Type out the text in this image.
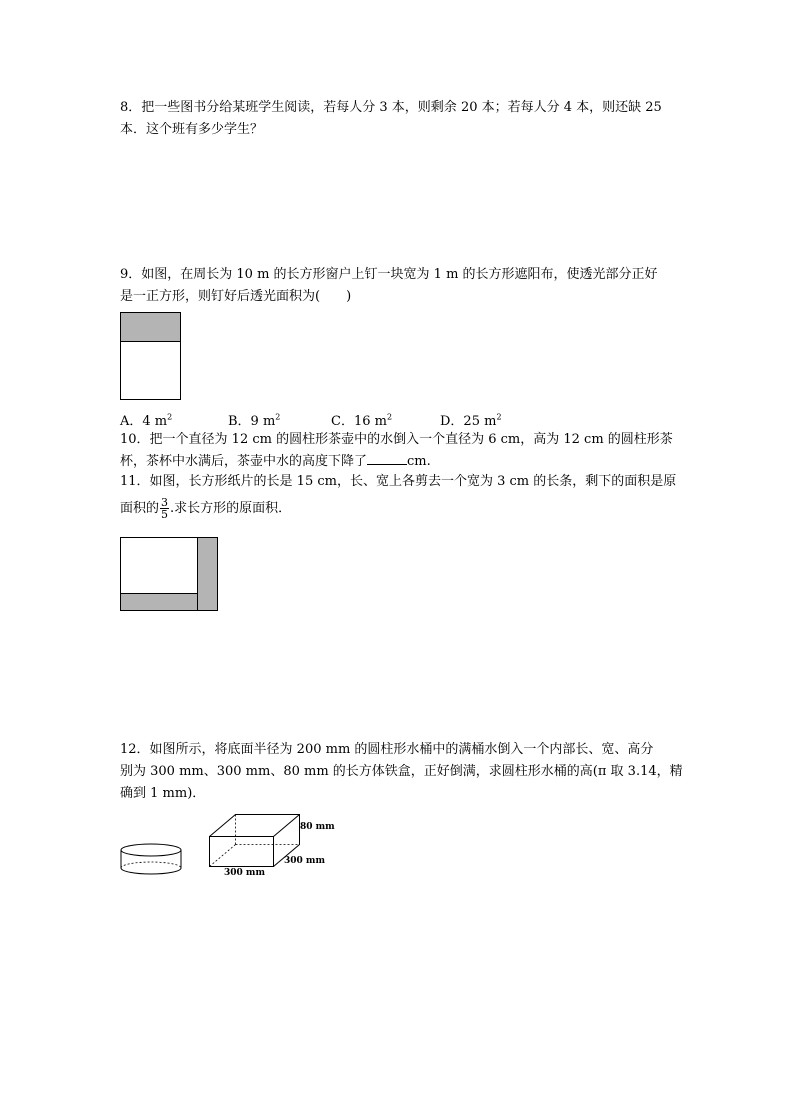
8．把一些图书分给某班学生阅读，若每人分 3 本，则剩余 20 本；若每人分 4 本，则还缺 25
本．这个班有多少学生？
9．如图，在周长为 10 m 的长方形窗户上钉一块宽为 1 m 的长方形遮阳布，使透光部分正好
是一正方形，则钉好后透光面积为(　　)
A．4 $m^2$	B．9 $m^2$	C．16 $m^2$	D．25 $m^2$
10．把一个直径为 12 cm 的圆柱形茶壶中的水倒入一个直径为 6 cm，高为 12 cm 的圆柱形茶
杯，茶杯中水满后，茶壶中水的高度下降了	cm.
11．如图，长方形纸片的长是 15 cm，长、宽上各剪去一个宽为 3 cm 的长条，剩下的面积是原
面积的 $\frac{3}{5}$ .求长方形的原面积．
12．如图所示，将底面半径为 200 mm 的圆柱形水桶中的满桶水倒入一个内部长、宽、高分
别为 300 mm、300 mm、80 mm 的长方体铁盒，正好倒满，求圆柱形水桶的高(π 取 3.14，精
确到 1 mm)．
80 mm
300 mm
300 mm
